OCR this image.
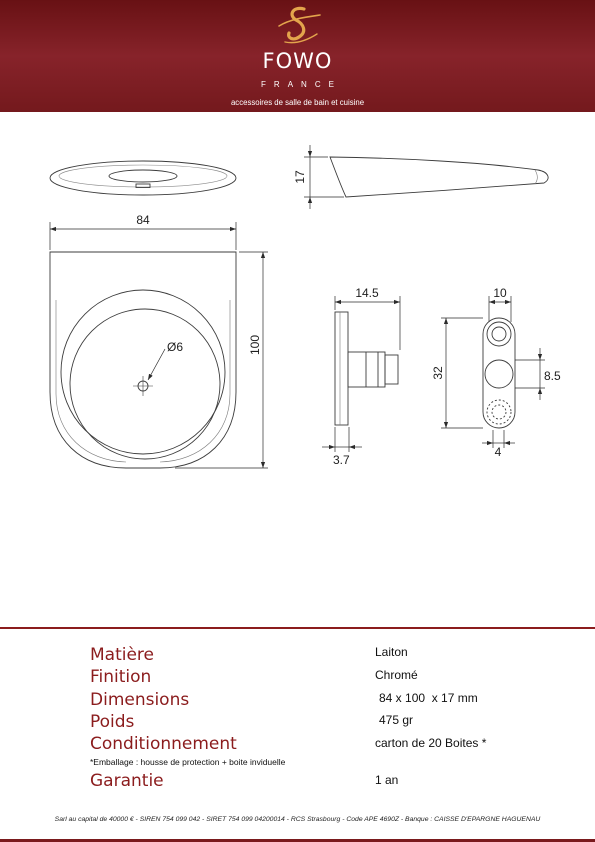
FOWO
FRANCE
accessoires de salle de bain et cuisine
84
Ø6	100
17
14.5
3.7
10
32	8.5
4
Matière	Laiton
Finition	Chromé
Dimensions	84 x 100  x 17 mm
Poids	475 gr
Conditionnement	carton de 20 Boites *
*Emballage : housse de protection + boite inviduelle
Garantie	1 an
Sarl au capital de 40000 € - SIREN 754 099 042 - SIRET 754 099 04200014 - RCS Strasbourg - Code APE 4690Z - Banque : CAISSE D'EPARGNE HAGUENAU
